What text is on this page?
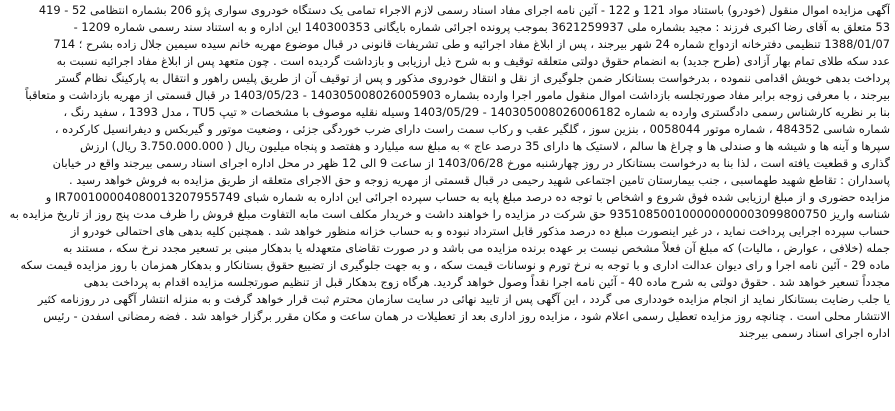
آگهی مزایده اموال منقول (خودرو) باستناد مواد 121 و 122 - آئین نامه اجرای مفاد اسناد رسمی لازم الاجراء تمامی یک دستگاه خودروی سواری پژو 206 بشماره انتظامی 52 - 419
53 متعلق به آقای رضا اکبری فرزند : مجید بشماره ملی 3621259937 بموجب پرونده اجرائی شماره بایگانی 140300353 این اداره و به استناد سند رسمی شماره 1209 -
1388/01/07 تنظیمی دفترخانه ازدواج شماره 24 شهر بیرجند ، پس از ابلاغ مفاد اجرائیه و طی تشریفات قانونی در قبال موضوع مهریه خانم سیده سیمین جلال زاده بشرح ؛ 714
عدد سکه طلای تمام بهار آزادی (طرح جدید) به انضمام حقوق دولتی متعلقه توقیف و به شرح ذیل ارزیابی و بازداشت گردیده است . چون متعهد پس از ابلاغ مفاد اجرائیه نسبت به
پرداخت بدهی خویش اقدامی ننموده ، بدرخواست بستانکار ضمن جلوگیری از نقل و انتقال خودروی مذکور و پس از توقیف آن از طریق پلیس راهور و انتقال به پارکینگ نظام گستر
بیرجند ، با معرفی زوجه برابر مفاد صورتجلسه بازداشت اموال منقول مامور اجرا وارده بشماره 14030500802600590​3 - 1403/05/23 در قبال قسمتی از مهریه بازداشت و متعاقباً
بنا بر نظریه کارشناس رسمی دادگستری وارده به شماره 14030500802600618​2 - 1403/05/29 وسیله نقلیه موصوف با مشخصات « تیپ TU5 ، مدل 1393 ، سفید رنگ ،
شماره شاسی 484352 ، شماره موتور 0058044 ، بنزین سوز ، گلگیر عقب و رکاب سمت راست دارای ضرب خوردگی جزئی ، وضعیت موتور و گیربکس و دیفرانسیل کارکرده ،
سپرها و آینه ها و شیشه ها و صندلی ها و چراغ ها سالم ، لاستیک ها دارای 35 درصد عاج » به مبلغ سه میلیارد و هفتصد و پنجاه میلیون ریال ( 3.750.000.000 ریال) ارزش
گذاری و قطعیت یافته است ، لذا بنا به درخواست بستانکار در روز چهارشنبه مورخ 1403/06/28 از ساعت 9 الی 12 ظهر در محل اداره اجرای اسناد رسمی بیرجند واقع در خیابان
پاسداران : تقاطع شهید طهماسبی ، جنب بیمارستان تامین اجتماعی شهید رحیمی در قبال قسمتی از مهریه زوجه و حق الاجرای متعلقه از طریق مزایده به فروش خواهد رسید .
مزایده حضوری و از مبلغ ارزیابی شده فوق شروع و اشخاص با توجه ده درصد مبلغ پایه به حساب سپرده اجرائی این اداره به شماره شبای IR700100004080013207955749 و
شناسه واریز 935108500100000000003099800750 حق شرکت در مزایده را خواهند داشت و خریدار مکلف است مابه التفاوت مبلغ فروش را ظرف مدت پنج روز از تاریخ مزایده به
حساب سپرده اجرایی پرداخت نماید ، در غیر اینصورت مبلغ ده درصد مذکور قابل استرداد نبوده و به حساب خزانه منظور خواهد شد . همچنین کلیه بدهی های احتمالی خودرو از
جمله (خلافی ، عوارض ، مالیات) که مبلغ آن فعلاً مشخص نیست بر عهده برنده مزایده می باشد و در صورت تقاضای متعهدله یا بدهکار مبنی بر تسعیر مجدد نرخ سکه ، مستند به
ماده 29 - آئین نامه اجرا و رای دیوان عدالت اداری و با توجه به نرخ تورم و نوسانات قیمت سکه ، و به جهت جلوگیری از تضییع حقوق بستانکار و بدهکار همزمان با روز مزایده قیمت سکه
مجدداً تسعیر خواهد شد . حقوق دولتی به شرح ماده 40 - آئین نامه اجرا نقداً وصول خواهد گردید. هرگاه زوج بدهکار قبل از تنظیم صورتجلسه مزایده اقدام به پرداخت بدهی
یا جلب رضایت بستانکار نماید از انجام مزایده خودداری می گردد ، این آگهی پس از تایید نهائی در سایت سازمان محترم ثبت قرار خواهد گرفت و به منزله انتشار آگهی در روزنامه کثیر
الانتشار محلی است . چنانچه روز مزایده تعطیل رسمی اعلام شود ، مزایده روز اداری بعد از تعطیلات در همان ساعت و مکان مقرر برگزار خواهد شد . فضه رمضانی اسفدن - رئیس
اداره اجرای اسناد رسمی بیرجند
